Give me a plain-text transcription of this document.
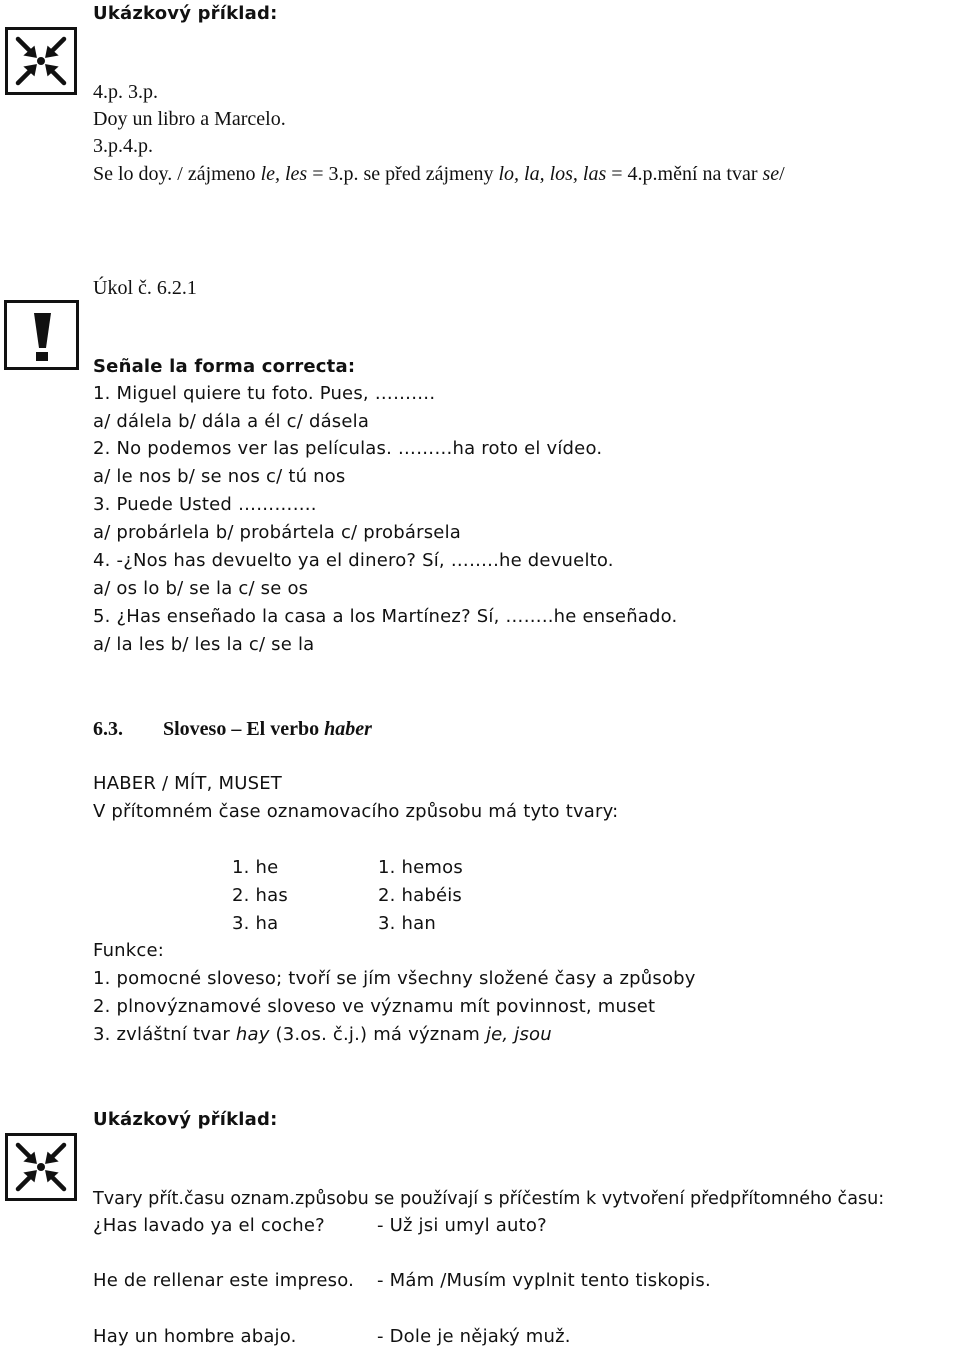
Ukázkový příklad:
4.p. 3.p.
Doy un libro a Marcelo.
3.p.4.p.
Se lo doy. / zájmeno le, les = 3.p. se před zájmeny lo, la, los, las = 4.p.mění na tvar se/
Úkol č. 6.2.1
Señale la forma correcta:
1. Miguel quiere tu foto. Pues, ……….
a/ dálela b/ dála a él c/ dásela
2. No podemos ver las películas. ………ha roto el vídeo.
a/ le nos b/ se nos c/ tú nos
3. Puede Usted ………….
a/ probárlela b/ probártela c/ probársela
4. -¿Nos has devuelto ya el dinero? Sí, ……..he devuelto.
a/ os lo b/ se la c/ se os
5. ¿Has enseñado la casa a los Martínez? Sí, ……..he enseñado.
a/ la les b/ les la c/ se la
6.3. Sloveso – El verbo haber
HABER / MÍT, MUSET
V přítomném čase oznamovacího způsobu má tyto tvary:
1. he	1. hemos
2. has	2. habéis
3. ha	3. han
Funkce:
1. pomocné sloveso; tvoří se jím všechny složené časy a způsoby
2. plnovýznamové sloveso ve významu mít povinnost, muset
3. zvláštní tvar hay (3.os. č.j.) má význam je, jsou
Ukázkový příklad:
Tvary přít.času oznam.způsobu se používají s příčestím k vytvoření předpřítomného času:
¿Has lavado ya el coche?	- Už jsi umyl auto?
He de rellenar este impreso. - Mám /Musím vyplnit tento tiskopis.
Hay un hombre abajo.	- Dole je nějaký muž.
